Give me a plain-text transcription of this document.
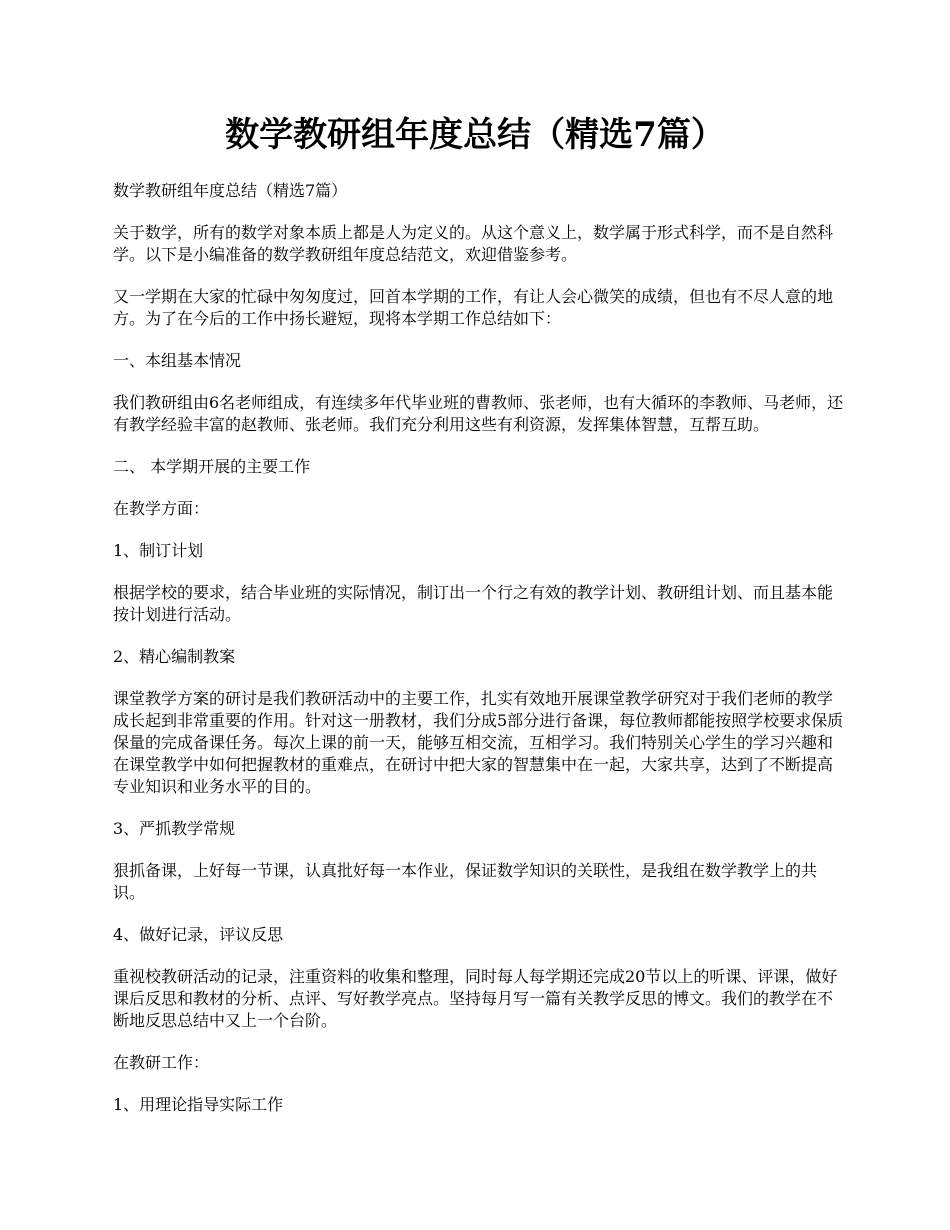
数学教研组年度总结（精选7篇）

数学教研组年度总结（精选7篇）

关于数学，所有的数学对象本质上都是人为定义的。从这个意义上，数学属于形式科学，而不是自然科学。以下是小编准备的数学教研组年度总结范文，欢迎借鉴参考。

又一学期在大家的忙碌中匆匆度过，回首本学期的工作，有让人会心微笑的成绩，但也有不尽人意的地方。为了在今后的工作中扬长避短，现将本学期工作总结如下：

一、本组基本情况

我们教研组由6名老师组成，有连续多年代毕业班的曹教师、张老师，也有大循环的李教师、马老师，还有教学经验丰富的赵教师、张老师。我们充分利用这些有利资源，发挥集体智慧，互帮互助。

二、 本学期开展的主要工作

在教学方面：

1、制订计划

根据学校的要求，结合毕业班的实际情况，制订出一个行之有效的教学计划、教研组计划、而且基本能按计划进行活动。

2、精心编制教案

课堂教学方案的研讨是我们教研活动中的主要工作，扎实有效地开展课堂教学研究对于我们老师的教学成长起到非常重要的作用。针对这一册教材，我们分成5部分进行备课，每位教师都能按照学校要求保质保量的完成备课任务。每次上课的前一天，能够互相交流，互相学习。我们特别关心学生的学习兴趣和在课堂教学中如何把握教材的重难点，在研讨中把大家的智慧集中在一起，大家共享，达到了不断提高专业知识和业务水平的目的。

3、严抓教学常规

狠抓备课，上好每一节课，认真批好每一本作业，保证数学知识的关联性，是我组在数学教学上的共识。

4、做好记录，评议反思

重视校教研活动的记录，注重资料的收集和整理，同时每人每学期还完成20节以上的听课、评课，做好课后反思和教材的分析、点评、写好教学亮点。坚持每月写一篇有关教学反思的博文。我们的教学在不断地反思总结中又上一个台阶。

在教研工作：

1、用理论指导实际工作
